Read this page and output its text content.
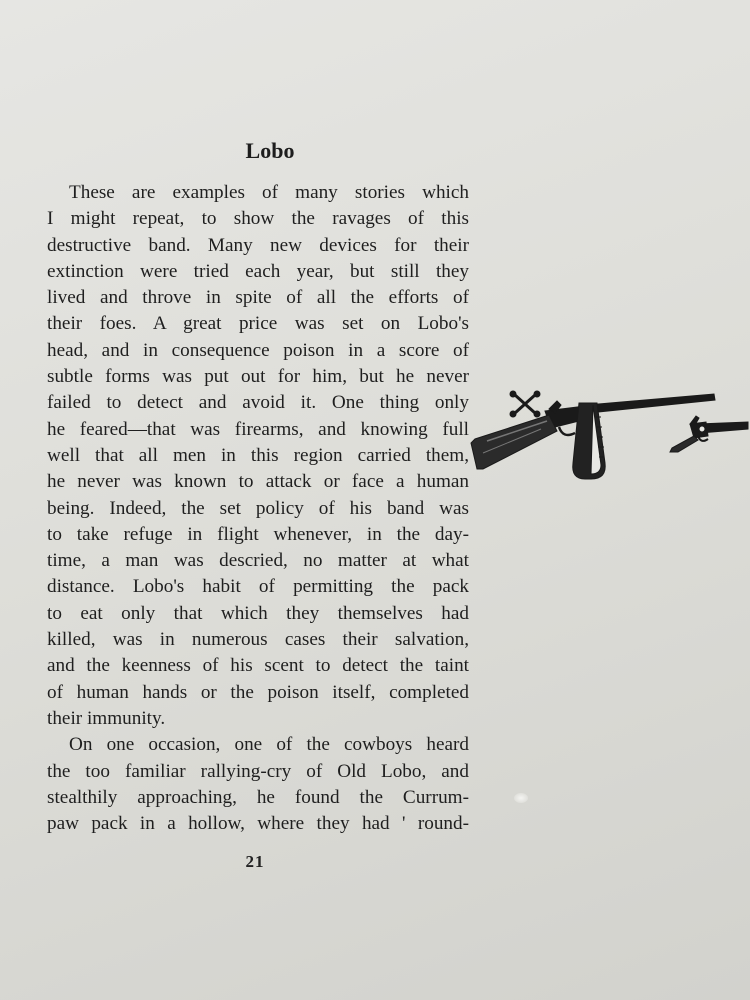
Lobo
These are examples of many stories which
I might repeat, to show the ravages of this
destructive band. Many new devices for their
extinction were tried each year, but still they
lived and throve in spite of all the efforts of
their foes. A great price was set on Lobo's
head, and in consequence poison in a score of
subtle forms was put out for him, but he never
failed to detect and avoid it. One thing only
he feared—that was firearms, and knowing full
well that all men in this region carried them,
he never was known to attack or face a human
being. Indeed, the set policy of his band was
to take refuge in flight whenever, in the day-
time, a man was descried, no matter at what
distance. Lobo's habit of permitting the pack
to eat only that which they themselves had
killed, was in numerous cases their salvation,
and the keenness of his scent to detect the taint
of human hands or the poison itself, completed
their immunity.
On one occasion, one of the cowboys heard
the too familiar rallying-cry of Old Lobo, and
stealthily approaching, he found the Currum-
paw pack in a hollow, where they had ' round-
21
